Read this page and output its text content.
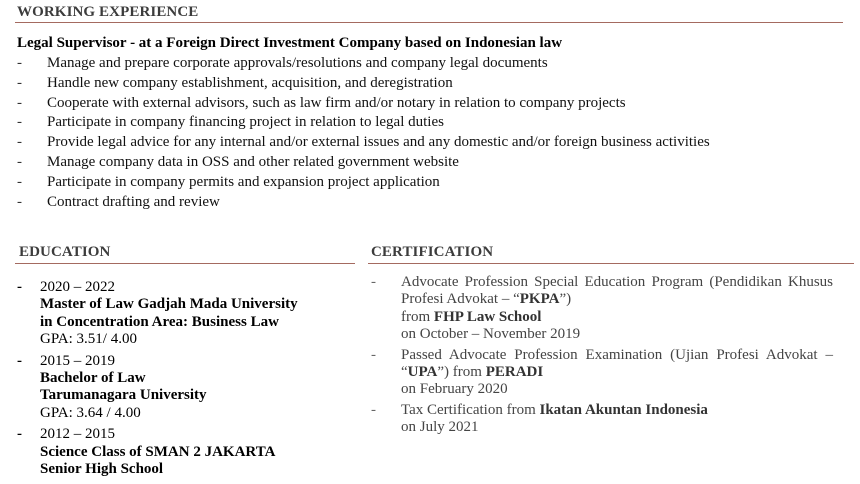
WORKING EXPERIENCE
Legal Supervisor - at a Foreign Direct Investment Company based on Indonesian law
- Manage and prepare corporate approvals/resolutions and company legal documents
- Handle new company establishment, acquisition, and deregistration
- Cooperate with external advisors, such as law firm and/or notary in relation to company projects
- Participate in company financing project in relation to legal duties
- Provide legal advice for any internal and/or external issues and any domestic and/or foreign business activities
- Manage company data in OSS and other related government website
- Participate in company permits and expansion project application
- Contract drafting and review
EDUCATION
- 2020 – 2022
Master of Law Gadjah Mada University
in Concentration Area: Business Law
GPA: 3.51/ 4.00
- 2015 – 2019
Bachelor of Law
Tarumanagara University
GPA: 3.64 / 4.00
- 2012 – 2015
Science Class of SMAN 2 JAKARTA
Senior High School
CERTIFICATION
- Advocate Profession Special Education Program (Pendidikan Khusus Profesi Advokat – “PKPA”)
from FHP Law School
on October – November 2019
- Passed Advocate Profession Examination (Ujian Profesi Advokat – “UPA”) from PERADI
on February 2020
- Tax Certification from Ikatan Akuntan Indonesia
on July 2021
